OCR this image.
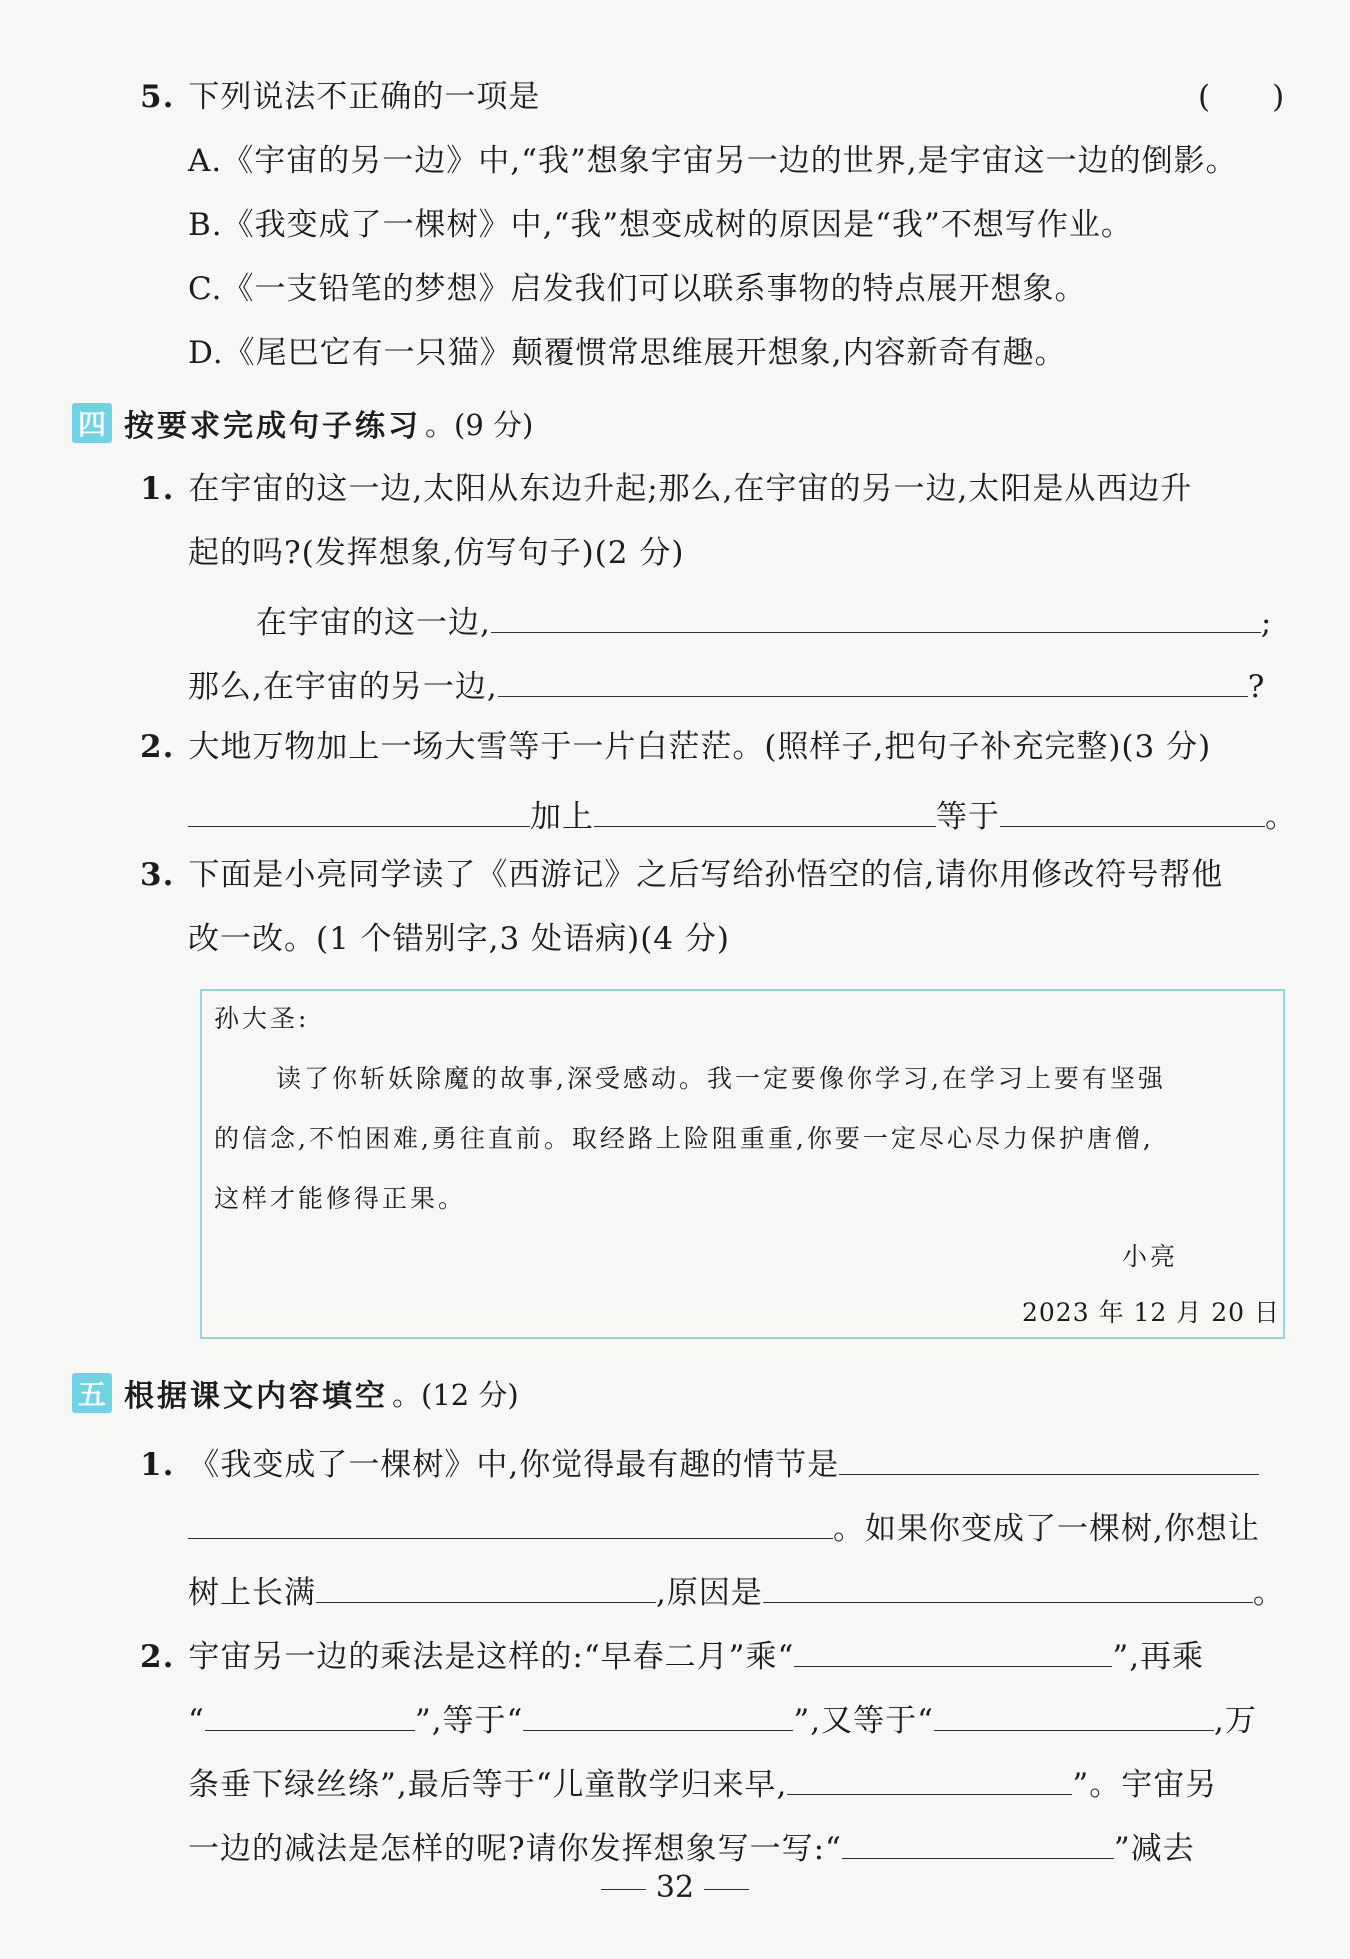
5. 下列说法不正确的一项是	(　　)
A.《宇宙的另一边》中,“我”想象宇宙另一边的世界,是宇宙这一边的倒影。
B.《我变成了一棵树》中,“我”想变成树的原因是“我”不想写作业。
C.《一支铅笔的梦想》启发我们可以联系事物的特点展开想象。
D.《尾巴它有一只猫》颠覆惯常思维展开想象,内容新奇有趣。
四 按要求完成句子练习 。(9 分)
1. 在宇宙的这一边,太阳从东边升起;那么,在宇宙的另一边,太阳是从西边升
起的吗?(发挥想象,仿写句子)(2 分)
在宇宙的这一边,	;
那么,在宇宙的另一边,	?
2. 大地万物加上一场大雪等于一片白茫茫。(照样子,把句子补充完整)(3 分)
加上	等于	。
3. 下面是小亮同学读了《西游记》之后写给孙悟空的信,请你用修改符号帮他
改一改。(1 个错别字,3 处语病)(4 分)
孙大圣:
读了你斩妖除魔的故事,深受感动。我一定要像你学习,在学习上要有坚强
的信念,不怕困难,勇往直前。取经路上险阻重重,你要一定尽心尽力保护唐僧,
这样才能修得正果。
小亮
2023 年 12 月 20 日
五 根据课文内容填空 。(12 分)
1. 《我变成了一棵树》中,你觉得最有趣的情节是
。如果你变成了一棵树,你想让
树上长满	,原因是	。
2. 宇宙另一边的乘法是这样的:“早春二月”乘“	”,再乘
“	”,等于“	”,又等于“	,万
条垂下绿丝绦”,最后等于“儿童散学归来早,	”。宇宙另
一边的减法是怎样的呢?请你发挥想象写一写:“	”减去
32
